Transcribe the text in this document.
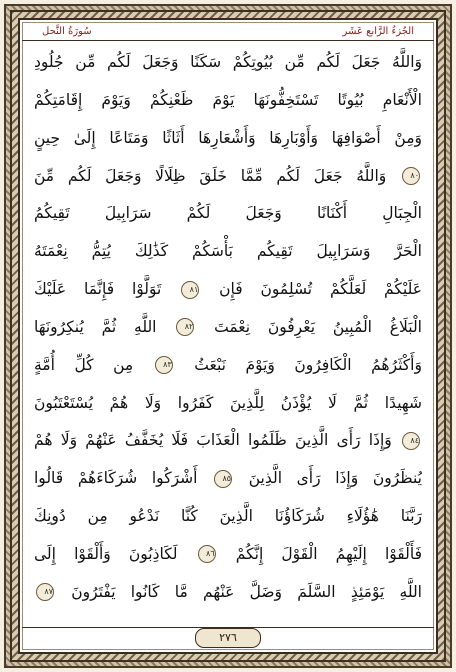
الجُزءُ الرَّابع عَشَر
سُورَةُ النَّحل
وَاللَّهُ جَعَلَ لَكُم مِّن بُيُوتِكُمْ سَكَنًا وَجَعَلَ لَكُم مِّن جُلُودِ
الْأَنْعَامِ بُيُوتًا تَسْتَخِفُّونَهَا يَوْمَ ظَعْنِكُمْ وَيَوْمَ إِقَامَتِكُمْ
وَمِنْ أَصْوَافِهَا وَأَوْبَارِهَا وَأَشْعَارِهَا أَثَاثًا وَمَتَاعًا إِلَىٰ حِينٍ
٨٠ وَاللَّهُ جَعَلَ لَكُم مِّمَّا خَلَقَ ظِلَالًا وَجَعَلَ لَكُم مِّنَ
الْجِبَالِ أَكْنَانًا وَجَعَلَ لَكُمْ سَرَابِيلَ تَقِيكُمُ
الْحَرَّ وَسَرَابِيلَ تَقِيكُم بَأْسَكُمْ كَذَٰلِكَ يُتِمُّ نِعْمَتَهُ
عَلَيْكُمْ لَعَلَّكُمْ تُسْلِمُونَ فَإِن ٨١ تَوَلَّوْا فَإِنَّمَا عَلَيْكَ
الْبَلَاغُ الْمُبِينُ يَعْرِفُونَ نِعْمَتَ ٨٢ اللَّهِ ثُمَّ يُنكِرُونَهَا
وَأَكْثَرُهُمُ الْكَافِرُونَ وَيَوْمَ نَبْعَثُ ٨٣ مِن كُلِّ أُمَّةٍ
شَهِيدًا ثُمَّ لَا يُؤْذَنُ لِلَّذِينَ كَفَرُوا وَلَا هُمْ يُسْتَعْتَبُونَ
٨٤ وَإِذَا رَأَى الَّذِينَ ظَلَمُوا الْعَذَابَ فَلَا يُخَفَّفُ عَنْهُمْ وَلَا هُمْ
يُنظَرُونَ وَإِذَا رَأَى الَّذِينَ ٨٥ أَشْرَكُوا شُرَكَاءَهُمْ قَالُوا
رَبَّنَا هَٰؤُلَاءِ شُرَكَاؤُنَا الَّذِينَ كُنَّا نَدْعُو مِن دُونِكَ
فَأَلْقَوْا إِلَيْهِمُ الْقَوْلَ إِنَّكُمْ ٨٦ لَكَاذِبُونَ وَأَلْقَوْا إِلَى
اللَّهِ يَوْمَئِذٍ السَّلَمَ وَضَلَّ عَنْهُم مَّا كَانُوا يَفْتَرُونَ ٨٧
٢٧٦
